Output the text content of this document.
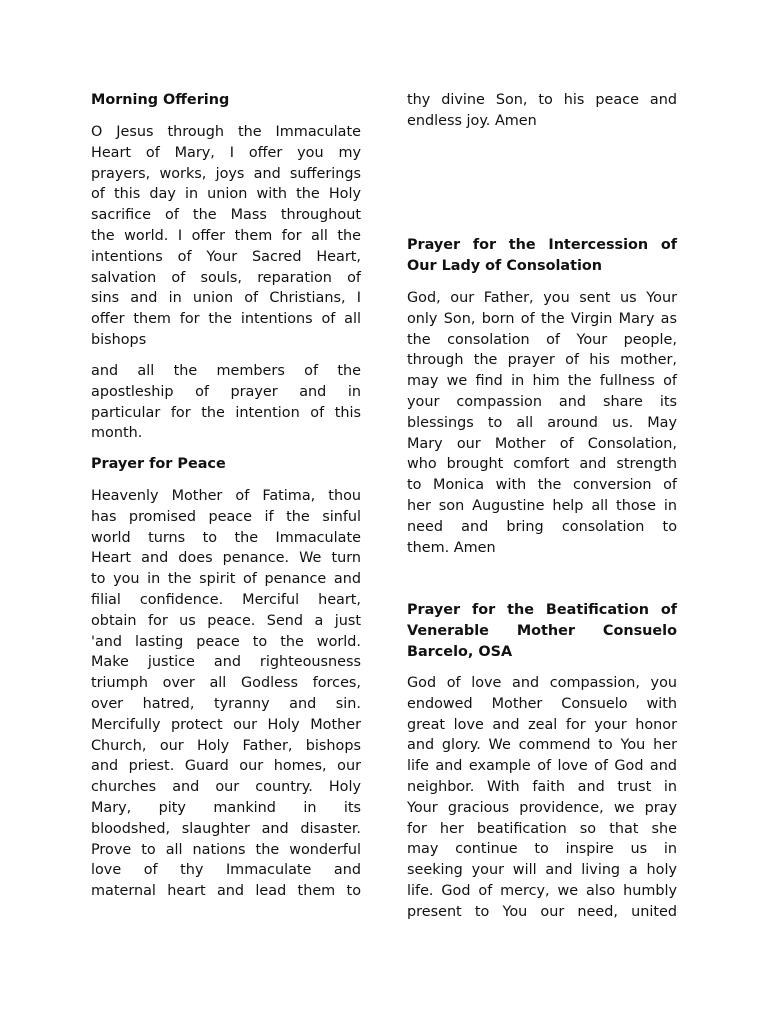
Morning Offering
O Jesus through the Immaculate
Heart of Mary, I offer you my
prayers, works, joys and sufferings
of this day in union with the Holy
sacrifice of the Mass throughout
the world. I offer them for all the
intentions of Your Sacred Heart,
salvation of souls, reparation of
sins and in union of Christians, I
offer them for the intentions of all
bishops
and all the members of the
apostleship of prayer and in
particular for the intention of this
month.
Prayer for Peace
Heavenly Mother of Fatima, thou
has promised peace if the sinful
world turns to the Immaculate
Heart and does penance. We turn
to you in the spirit of penance and
filial confidence. Merciful heart,
obtain for us peace. Send a just
'and lasting peace to the world.
Make justice and righteousness
triumph over all Godless forces,
over hatred, tyranny and sin.
Mercifully protect our Holy Mother
Church, our Holy Father, bishops
and priest. Guard our homes, our
churches and our country. Holy
Mary, pity mankind in its
bloodshed, slaughter and disaster.
Prove to all nations the wonderful
love of thy Immaculate and
maternal heart and lead them to
thy divine Son, to his peace and
endless joy. Amen
Prayer for the Intercession of
Our Lady of Consolation
God, our Father, you sent us Your
only Son, born of the Virgin Mary as
the consolation of Your people,
through the prayer of his mother,
may we find in him the fullness of
your compassion and share its
blessings to all around us. May
Mary our Mother of Consolation,
who brought comfort and strength
to Monica with the conversion of
her son Augustine help all those in
need and bring consolation to
them. Amen
Prayer for the Beatification of
Venerable Mother Consuelo
Barcelo, OSA
God of love and compassion, you
endowed Mother Consuelo with
great love and zeal for your honor
and glory. We commend to You her
life and example of love of God and
neighbor. With faith and trust in
Your gracious providence, we pray
for her beatification so that she
may continue to inspire us in
seeking your will and living a holy
life. God of mercy, we also humbly
present to You our need, united
